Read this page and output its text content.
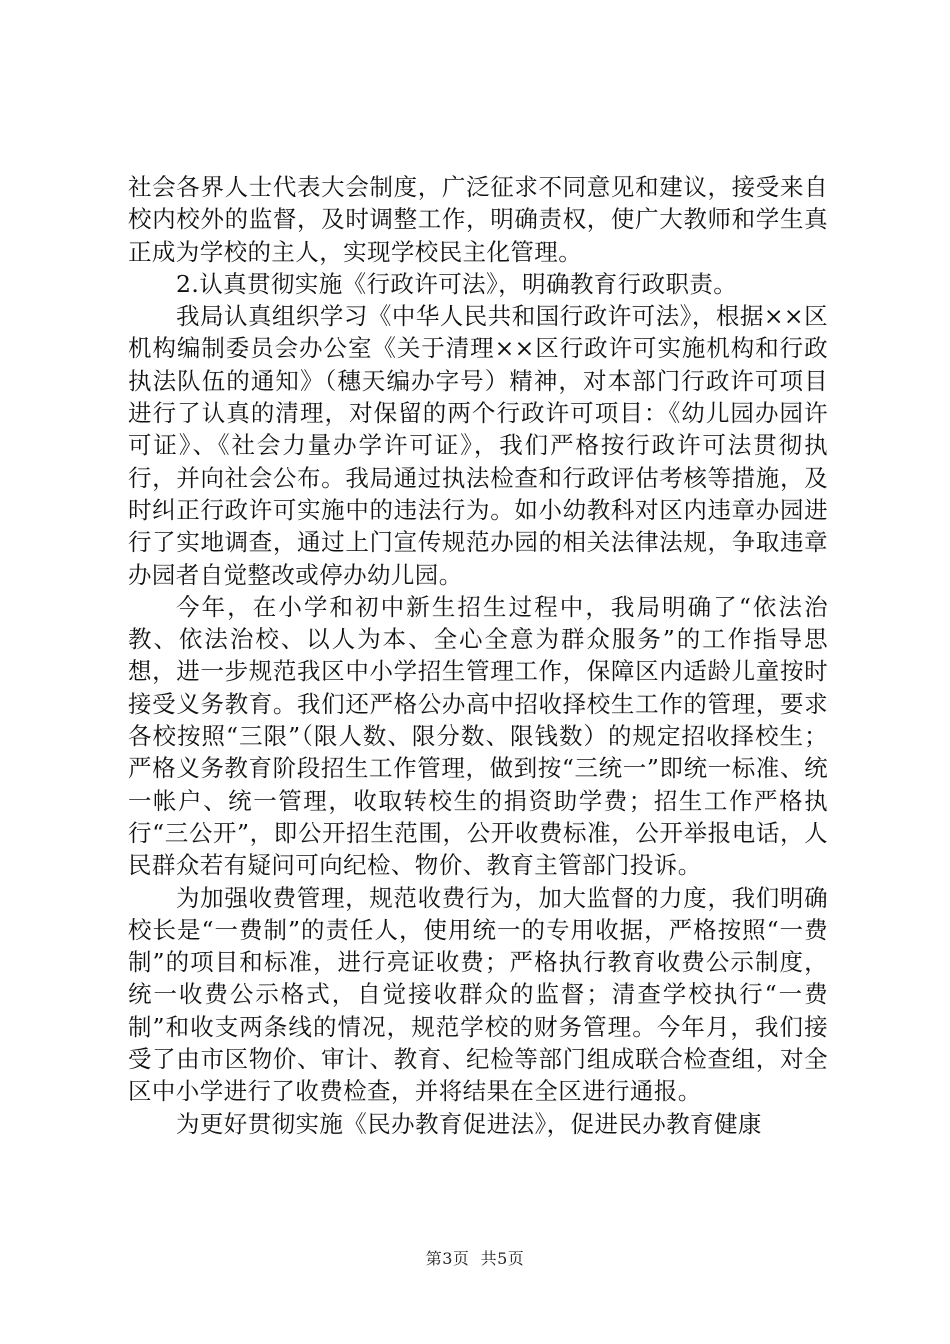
社会各界人士代表大会制度，广泛征求不同意见和建议，接受来自校内校外的监督，及时调整工作，明确责权，使广大教师和学生真正成为学校的主人，实现学校民主化管理。

2.认真贯彻实施《行政许可法》，明确教育行政职责。

我局认真组织学习《中华人民共和国行政许可法》，根据××区机构编制委员会办公室《关于清理××区行政许可实施机构和行政执法队伍的通知》（穗天编办字号）精神，对本部门行政许可项目进行了认真的清理，对保留的两个行政许可项目：《幼儿园办园许可证》、《社会力量办学许可证》，我们严格按行政许可法贯彻执行，并向社会公布。我局通过执法检查和行政评估考核等措施，及时纠正行政许可实施中的违法行为。如小幼教科对区内违章办园进行了实地调查，通过上门宣传规范办园的相关法律法规，争取违章办园者自觉整改或停办幼儿园。

今年，在小学和初中新生招生过程中，我局明确了“依法治教、依法治校、以人为本、全心全意为群众服务”的工作指导思想，进一步规范我区中小学招生管理工作，保障区内适龄儿童按时接受义务教育。我们还严格公办高中招收择校生工作的管理，要求各校按照“三限”（限人数、限分数、限钱数）的规定招收择校生；严格义务教育阶段招生工作管理，做到按“三统一”即统一标准、统一帐户、统一管理，收取转校生的捐资助学费；招生工作严格执行“三公开”，即公开招生范围，公开收费标准，公开举报电话，人民群众若有疑问可向纪检、物价、教育主管部门投诉。

为加强收费管理，规范收费行为，加大监督的力度，我们明确校长是“一费制”的责任人，使用统一的专用收据，严格按照“一费制”的项目和标准，进行亮证收费；严格执行教育收费公示制度，统一收费公示格式，自觉接收群众的监督；清查学校执行“一费制”和收支两条线的情况，规范学校的财务管理。今年月，我们接受了由市区物价、审计、教育、纪检等部门组成联合检查组，对全区中小学进行了收费检查，并将结果在全区进行通报。

为更好贯彻实施《民办教育促进法》，促进民办教育健康

第3页  共5页
